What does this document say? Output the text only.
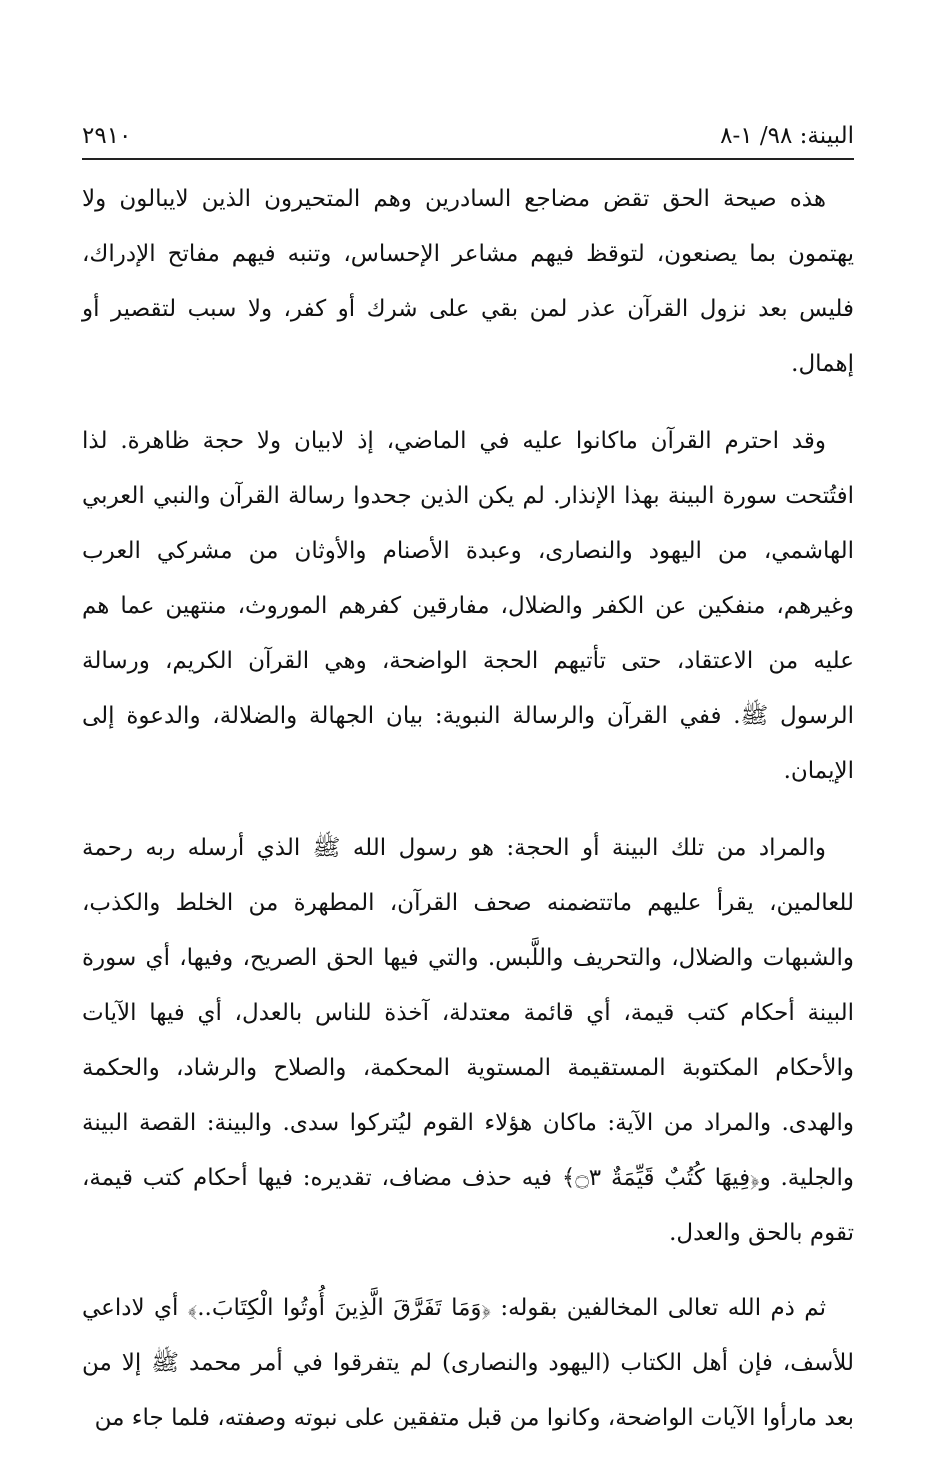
البينة: ٩٨/ ١-٨
٢٩١٠

هذه صيحة الحق تقض مضاجع السادرين وهم المتحيرون الذين لايبالون ولا يهتمون بما يصنعون، لتوقظ فيهم مشاعر الإحساس، وتنبه فيهم مفاتح الإدراك، فليس بعد نزول القرآن عذر لمن بقي على شرك أو كفر، ولا سبب لتقصير أو إهمال.

وقد احترم القرآن ماكانوا عليه في الماضي، إذ لابيان ولا حجة ظاهرة. لذا افتُتحت سورة البينة بهذا الإنذار. لم يكن الذين جحدوا رسالة القرآن والنبي العربي الهاشمي، من اليهود والنصارى، وعبدة الأصنام والأوثان من مشركي العرب وغيرهم، منفكين عن الكفر والضلال، مفارقين كفرهم الموروث، منتهين عما هم عليه من الاعتقاد، حتى تأتيهم الحجة الواضحة، وهي القرآن الكريم، ورسالة الرسول ﷺ. ففي القرآن والرسالة النبوية: بيان الجهالة والضلالة، والدعوة إلى الإيمان.

والمراد من تلك البينة أو الحجة: هو رسول الله ﷺ الذي أرسله ربه رحمة للعالمين، يقرأ عليهم ماتتضمنه صحف القرآن، المطهرة من الخلط والكذب، والشبهات والضلال، والتحريف واللَّبس. والتي فيها الحق الصريح، وفيها، أي سورة البينة أحكام كتب قيمة، أي قائمة معتدلة، آخذة للناس بالعدل، أي فيها الآيات والأحكام المكتوبة المستقيمة المستوية المحكمة، والصلاح والرشاد، والحكمة والهدى. والمراد من الآية: ماكان هؤلاء القوم ليُتركوا سدى. والبينة: القصة البينة والجلية. و﴿فِيهَا كُتُبٌ قَيِّمَةٌ ۝٣﴾ فيه حذف مضاف، تقديره: فيها أحكام كتب قيمة، تقوم بالحق والعدل.

ثم ذم الله تعالى المخالفين بقوله: ﴿وَمَا تَفَرَّقَ الَّذِينَ أُوتُوا الْكِتَابَ..﴾ أي لاداعي للأسف، فإن أهل الكتاب (اليهود والنصارى) لم يتفرقوا في أمر محمد ﷺ إلا من بعد مارأوا الآيات الواضحة، وكانوا من قبل متفقين على نبوته وصفته، فلما جاء من
